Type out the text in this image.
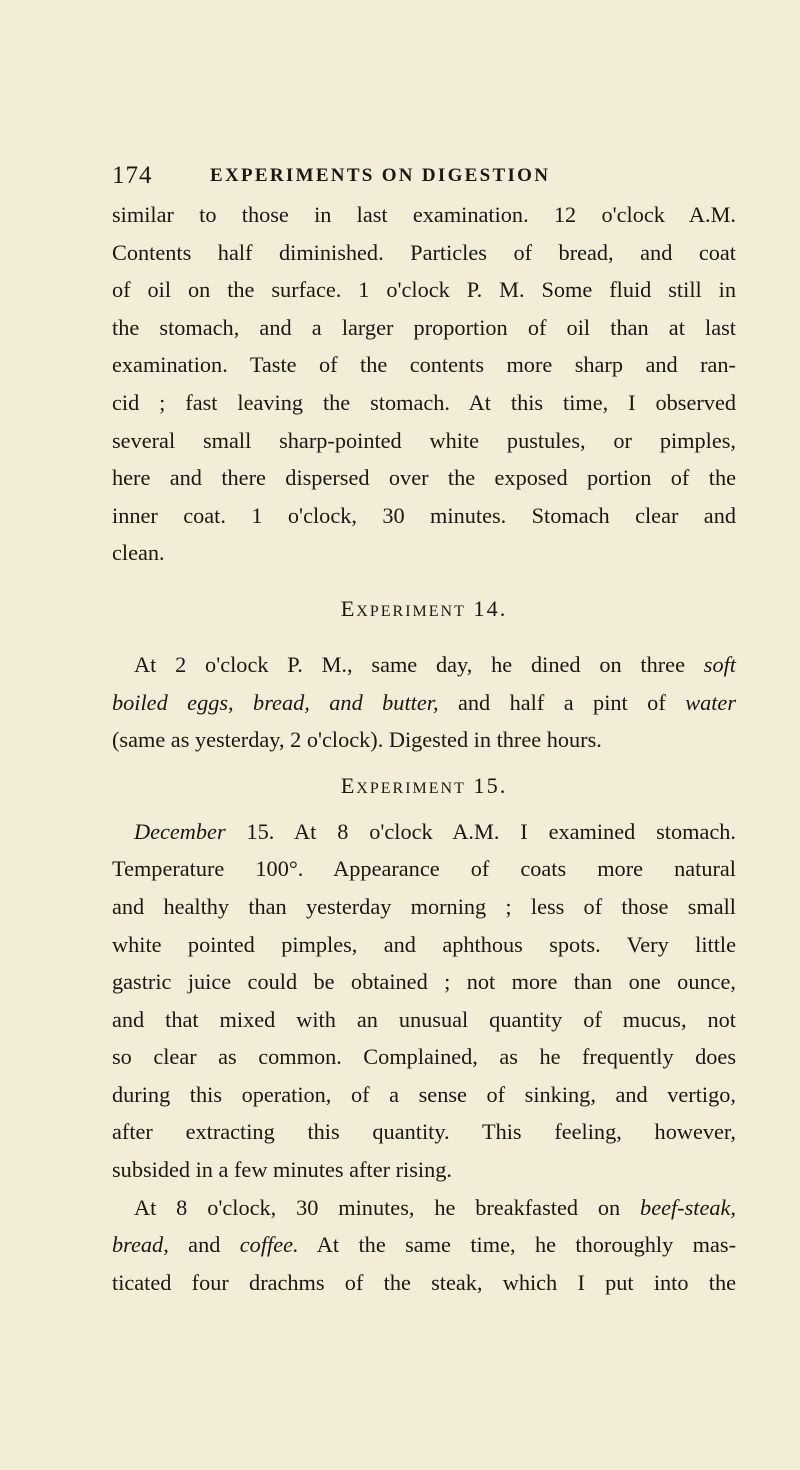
174	EXPERIMENTS ON DIGESTION
similar to those in last examination. 12 o'clock A.M.
Contents half diminished. Particles of bread, and coat
of oil on the surface. 1 o'clock P. M. Some fluid still in
the stomach, and a larger proportion of oil than at last
examination. Taste of the contents more sharp and ran-
cid ; fast leaving the stomach. At this time, I observed
several small sharp-pointed white pustules, or pimples,
here and there dispersed over the exposed portion of the
inner coat. 1 o'clock, 30 minutes. Stomach clear and
clean.
Experiment 14.
At 2 o'clock P. M., same day, he dined on three soft
boiled eggs, bread, and butter, and half a pint of water
(same as yesterday, 2 o'clock). Digested in three hours.
Experiment 15.
December 15. At 8 o'clock A.M. I examined stomach.
Temperature 100°. Appearance of coats more natural
and healthy than yesterday morning ; less of those small
white pointed pimples, and aphthous spots. Very little
gastric juice could be obtained ; not more than one ounce,
and that mixed with an unusual quantity of mucus, not
so clear as common. Complained, as he frequently does
during this operation, of a sense of sinking, and vertigo,
after extracting this quantity. This feeling, however,
subsided in a few minutes after rising.
At 8 o'clock, 30 minutes, he breakfasted on beef-steak,
bread, and coffee. At the same time, he thoroughly mas-
ticated four drachms of the steak, which I put into the
